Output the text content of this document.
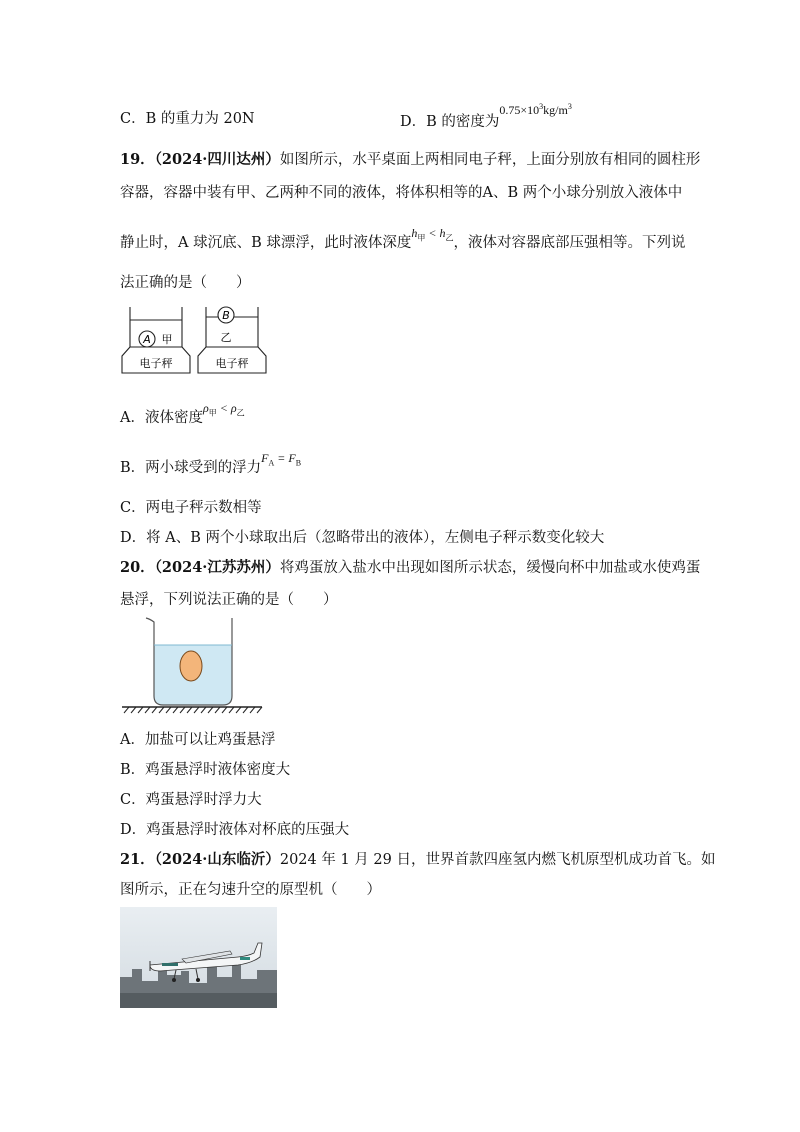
C．B 的重力为 20N	D．B 的密度为$^{0.75\times 10^3kg/m^3}$
19．（2024·四川达州）如图所示，水平桌面上两相同电子秤，上面分别放有相同的圆柱形
容器，容器中装有甲、乙两种不同的液体，将体积相等的A、B 两个小球分别放入液体中
静止时，A 球沉底、B 球漂浮，此时液体深度$^{h_甲 < h_乙}$，液体对容器底部压强相等。下列说
法正确的是（　　）
A 甲
B
乙
电子秤	电子秤
A．液体密度$^{\rho_甲 < \rho_乙}$
B．两小球受到的浮力$^{F_A = F_B}$
C．两电子秤示数相等
D．将 A、B 两个小球取出后（忽略带出的液体），左侧电子秤示数变化较大
20．（2024·江苏苏州）将鸡蛋放入盐水中出现如图所示状态，缓慢向杯中加盐或水使鸡蛋
悬浮，下列说法正确的是（　　）
A．加盐可以让鸡蛋悬浮
B．鸡蛋悬浮时液体密度大
C．鸡蛋悬浮时浮力大
D．鸡蛋悬浮时液体对杯底的压强大
21．（2024·山东临沂）2024 年 1 月 29 日，世界首款四座氢内燃飞机原型机成功首飞。如
图所示，正在匀速升空的原型机（　　）
